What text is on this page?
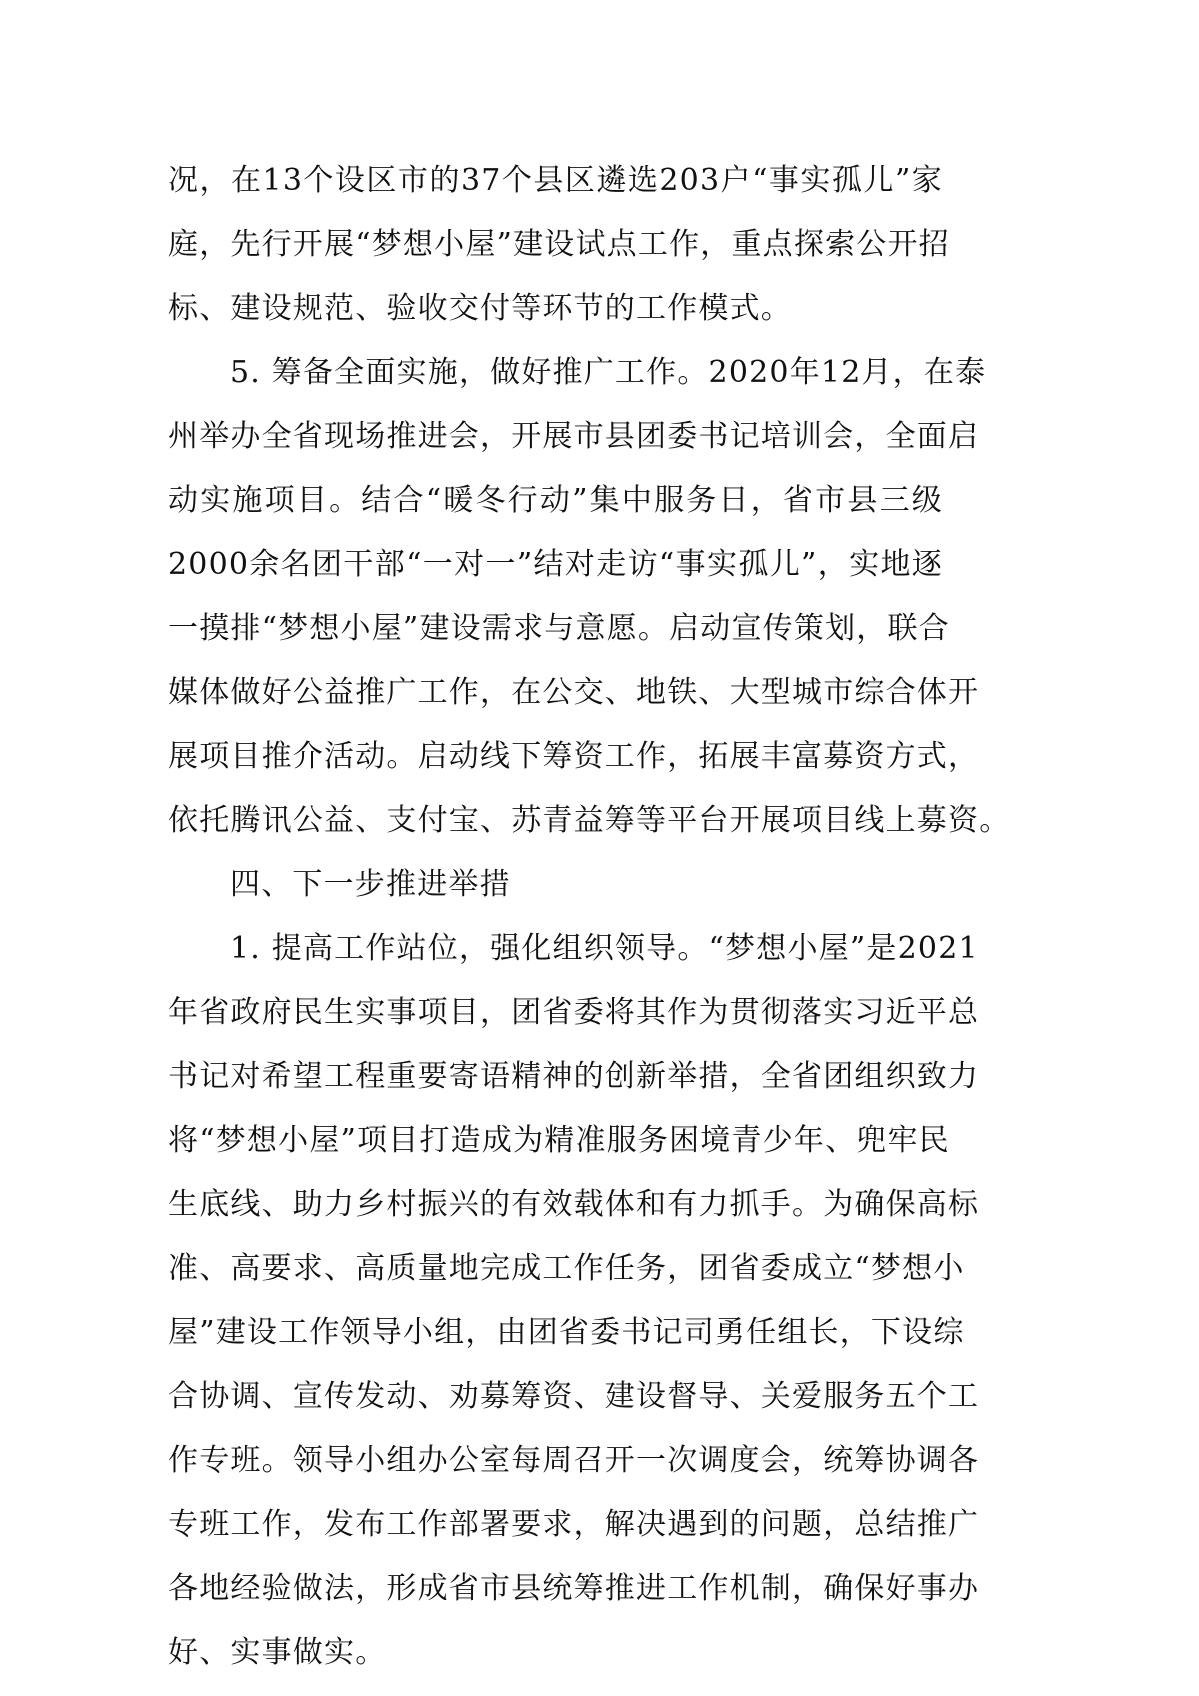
况，在13个设区市的37个县区遴选203户“事实孤儿”家
庭，先行开展“梦想小屋”建设试点工作，重点探索公开招
标、建设规范、验收交付等环节的工作模式。
5. 筹备全面实施，做好推广工作。2020年12月，在泰
州举办全省现场推进会，开展市县团委书记培训会，全面启
动实施项目。结合“暖冬行动”集中服务日，省市县三级
2000余名团干部“一对一”结对走访“事实孤儿”，实地逐
一摸排“梦想小屋”建设需求与意愿。启动宣传策划，联合
媒体做好公益推广工作，在公交、地铁、大型城市综合体开
展项目推介活动。启动线下筹资工作，拓展丰富募资方式，
依托腾讯公益、支付宝、苏青益筹等平台开展项目线上募资。
四、下一步推进举措
1. 提高工作站位，强化组织领导。“梦想小屋”是2021
年省政府民生实事项目，团省委将其作为贯彻落实习近平总
书记对希望工程重要寄语精神的创新举措，全省团组织致力
将“梦想小屋”项目打造成为精准服务困境青少年、兜牢民
生底线、助力乡村振兴的有效载体和有力抓手。为确保高标
准、高要求、高质量地完成工作任务，团省委成立“梦想小
屋”建设工作领导小组，由团省委书记司勇任组长，下设综
合协调、宣传发动、劝募筹资、建设督导、关爱服务五个工
作专班。领导小组办公室每周召开一次调度会，统筹协调各
专班工作，发布工作部署要求，解决遇到的问题，总结推广
各地经验做法，形成省市县统筹推进工作机制，确保好事办
好、实事做实。
